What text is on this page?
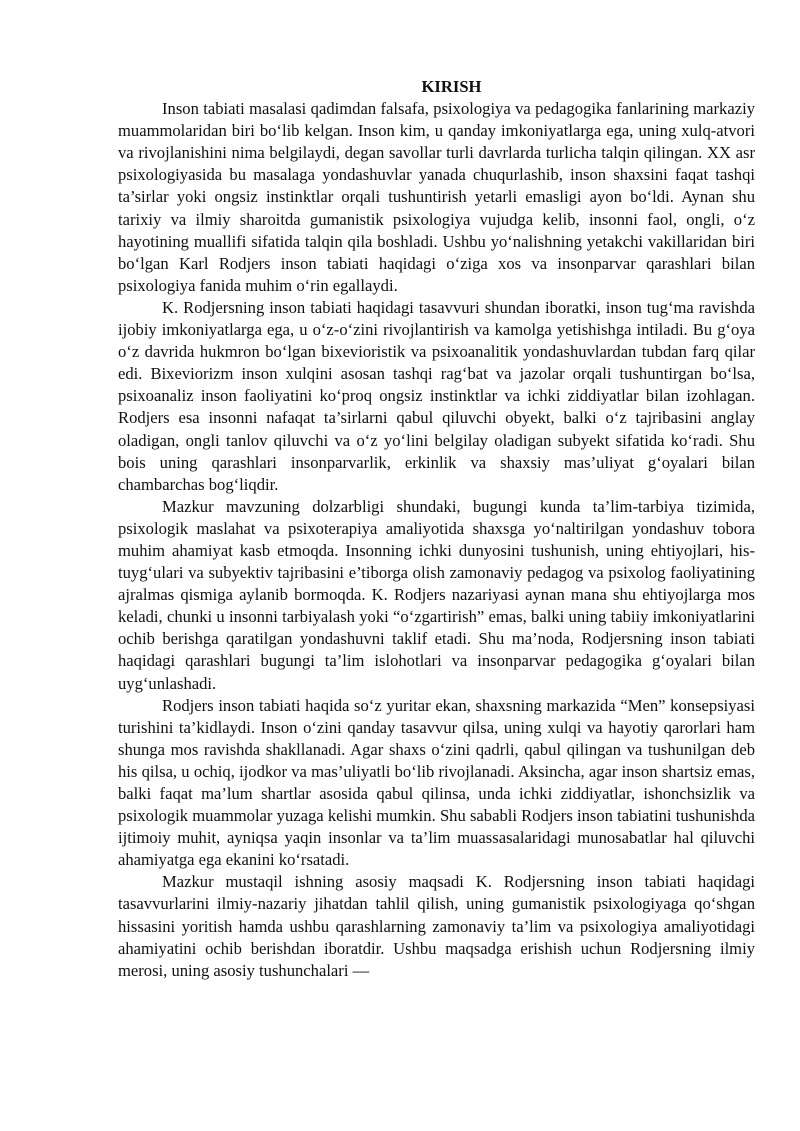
KIRISH

Inson tabiati masalasi qadimdan falsafa, psixologiya va pedagogika fanlarining markaziy muammolaridan biri bo‘lib kelgan. Inson kim, u qanday imkoniyatlarga ega, uning xulq-atvori va rivojlanishini nima belgilaydi, degan savollar turli davrlarda turlicha talqin qilingan. XX asr psixologiyasida bu masalaga yondashuvlar yanada chuqurlashib, inson shaxsini faqat tashqi ta’sirlar yoki ongsiz instinktlar orqali tushuntirish yetarli emasligi ayon bo‘ldi. Aynan shu tarixiy va ilmiy sharoitda gumanistik psixologiya vujudga kelib, insonni faol, ongli, o‘z hayotining muallifi sifatida talqin qila boshladi. Ushbu yo‘nalishning yetakchi vakillaridan biri bo‘lgan Karl Rodjers inson tabiati haqidagi o‘ziga xos va insonparvar qarashlari bilan psixologiya fanida muhim o‘rin egallaydi.

K. Rodjersning inson tabiati haqidagi tasavvuri shundan iboratki, inson tug‘ma ravishda ijobiy imkoniyatlarga ega, u o‘z-o‘zini rivojlantirish va kamolga yetishishga intiladi. Bu g‘oya o‘z davrida hukmron bo‘lgan bixevioristik va psixoanalitik yondashuvlardan tubdan farq qilar edi. Bixeviorizm inson xulqini asosan tashqi rag‘bat va jazolar orqali tushuntirgan bo‘lsa, psixoanaliz inson faoliyatini ko‘proq ongsiz instinktlar va ichki ziddiyatlar bilan izohlagan. Rodjers esa insonni nafaqat ta’sirlarni qabul qiluvchi obyekt, balki o‘z tajribasini anglay oladigan, ongli tanlov qiluvchi va o‘z yo‘lini belgilay oladigan subyekt sifatida ko‘radi. Shu bois uning qarashlari insonparvarlik, erkinlik va shaxsiy mas’uliyat g‘oyalari bilan chambarchas bog‘liqdir.

Mazkur mavzuning dolzarbligi shundaki, bugungi kunda ta’lim-tarbiya tizimida, psixologik maslahat va psixoterapiya amaliyotida shaxsga yo‘naltirilgan yondashuv tobora muhim ahamiyat kasb etmoqda. Insonning ichki dunyosini tushunish, uning ehtiyojlari, his-tuyg‘ulari va subyektiv tajribasini e’tiborga olish zamonaviy pedagog va psixolog faoliyatining ajralmas qismiga aylanib bormoqda. K. Rodjers nazariyasi aynan mana shu ehtiyojlarga mos keladi, chunki u insonni tarbiyalash yoki “o‘zgartirish” emas, balki uning tabiiy imkoniyatlarini ochib berishga qaratilgan yondashuvni taklif etadi. Shu ma’noda, Rodjersning inson tabiati haqidagi qarashlari bugungi ta’lim islohotlari va insonparvar pedagogika g‘oyalari bilan uyg‘unlashadi.

Rodjers inson tabiati haqida so‘z yuritar ekan, shaxsning markazida “Men” konsepsiyasi turishini ta’kidlaydi. Inson o‘zini qanday tasavvur qilsa, uning xulqi va hayotiy qarorlari ham shunga mos ravishda shakllanadi. Agar shaxs o‘zini qadrli, qabul qilingan va tushunilgan deb his qilsa, u ochiq, ijodkor va mas’uliyatli bo‘lib rivojlanadi. Aksincha, agar inson shartsiz emas, balki faqat ma’lum shartlar asosida qabul qilinsa, unda ichki ziddiyatlar, ishonchsizlik va psixologik muammolar yuzaga kelishi mumkin. Shu sababli Rodjers inson tabiatini tushunishda ijtimoiy muhit, ayniqsa yaqin insonlar va ta’lim muassasalaridagi munosabatlar hal qiluvchi ahamiyatga ega ekanini ko‘rsatadi.

Mazkur mustaqil ishning asosiy maqsadi K. Rodjersning inson tabiati haqidagi tasavvurlarini ilmiy-nazariy jihatdan tahlil qilish, uning gumanistik psixologiyaga qo‘shgan hissasini yoritish hamda ushbu qarashlarning zamonaviy ta’lim va psixologiya amaliyotidagi ahamiyatini ochib berishdan iboratdir. Ushbu maqsadga erishish uchun Rodjersning ilmiy merosi, uning asosiy tushunchalari —
